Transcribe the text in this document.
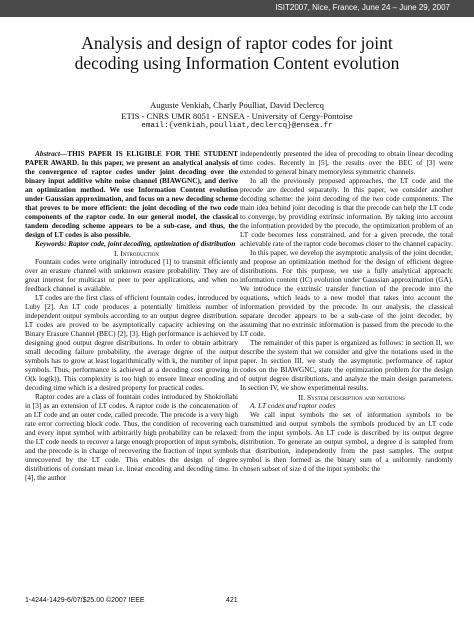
ISIT2007, Nice, France, June 24 – June 29, 2007
Analysis and design of raptor codes for joint
decoding using Information Content evolution
Auguste Venkiah, Charly Poulliat, David Declercq
ETIS - CNRS UMR 8051 - ENSEA - University of Cergy-Pontoise
email:{venkiah,poulliat,declercq}@ensea.fr

Abstract—THIS PAPER IS ELIGIBLE FOR THE STUDENT PAPER AWARD. In this paper, we present an analytical analysis of the convergence of raptor codes under joint decoding over the binary input additive white noise channel (BIAWGNC), and derive an optimization method. We use Information Content evolution under Gaussian approximation, and focus on a new decoding scheme that proves to be more efficient: the joint decoding of the two code components of the raptor code. In our general model, the classical tandem decoding scheme appears to be a sub-case, and thus, the design of LT codes is also possible.

Keywords: Raptor code, joint decoding, optimization of distribution

I. Introduction

Fountain codes were originally introduced [1] to transmit efficiently over an erasure channel with unknown erasure probability. They are of great interest for multicast or peer to peer applications, and when no feedback channel is available.

LT codes are the first class of efficient fountain codes, introduced by Luby [2]. An LT code produces a potentially limitless number of independent output symbols according to an output degree distribution. LT codes are proved to be asymptotically capacity achieving on the Binary Erasure Channel (BEC) [2], [3]. High performance is achieved by designing good output degree distributions. In order to obtain arbitrary small decoding failure probability, the average degree of the output symbols has to grow at least logarithmically with k, the number of input symbols. Thus, performance is achieved at a decoding cost growing in O(k log(k)). This complexity is too high to ensure linear encoding and decoding time which is a desired property for practical codes.

Raptor codes are a class of fountain codes introduced by Shokrollahi in [3] as an extension of LT codes. A raptor code is the concatenation of an LT code and an outer code, called precode. The precode is a very high rate error correcting block code. Thus, the condition of recovering each and every input symbol with arbitrarily high probability can be relaxed: the LT code needs to recover a large enough proportion of input symbols, and the precode is in charge of recovering the fraction of input symbols unrecovered by the LT code. This enables the design of degree distributions of constant mean i.e. linear encoding and decoding time. In [4], the author

independently presented the idea of precoding to obtain linear decoding time codes. Recently in [5], the results over the BEC of [3] were extended to general binary memoryless symmetric channels.

In all the previously proposed approaches, the LT code and the precode are decoded separately. In this paper, we consider another decoding scheme: the joint decoding of the two code components. The main idea behind joint decoding is that the precode can help the LT code to converge, by providing extrinsic information. By taking into account the information provided by the precode, the optimization problem of an LT code becomes less constrained, and for a given precode, the total achievable rate of the raptor code becomes closer to the channel capacity.

In this paper, we develop the asymptotic analysis of the joint decoder, and propose an optimization method for the design of efficient degree distributions. For this purpose, we use a fully analytical approach: information content (IC) evolution under Gaussian approximation (GA). We introduce the extrinsic transfer function of the precode into the equations, which leads to a new model that takes into account the information provided by the precode. In our analysis, the classical separate decoder appears to be a sub-case of the joint decoder, by assuming that no extrinsic information is passed from the precode to the LT code.

The remainder of this paper is organized as follows: in section II, we describe the system that we consider and give the notations used in the paper. In section III, we study the asymptotic performance of raptor codes on the BIAWGNC, state the optimization problem for the design of output degree distributions, and analyze the main design parameters. In section IV, we show experimental results.

II. System description and notations

A. LT codes and raptor codes

We call input symbols the set of information symbols to be transmitted and output symbols the symbols produced by an LT code from the input symbols. An LT code is described by its output degree distribution. To generate an output symbol, a degree d is sampled from that distribution, independently from the past samples. The output symbol is then formed as the binary sum of a uniformly randomly chosen subset of size d of the input symbols: the

1-4244-1429-6/07/$25.00 ©2007 IEEE	421
